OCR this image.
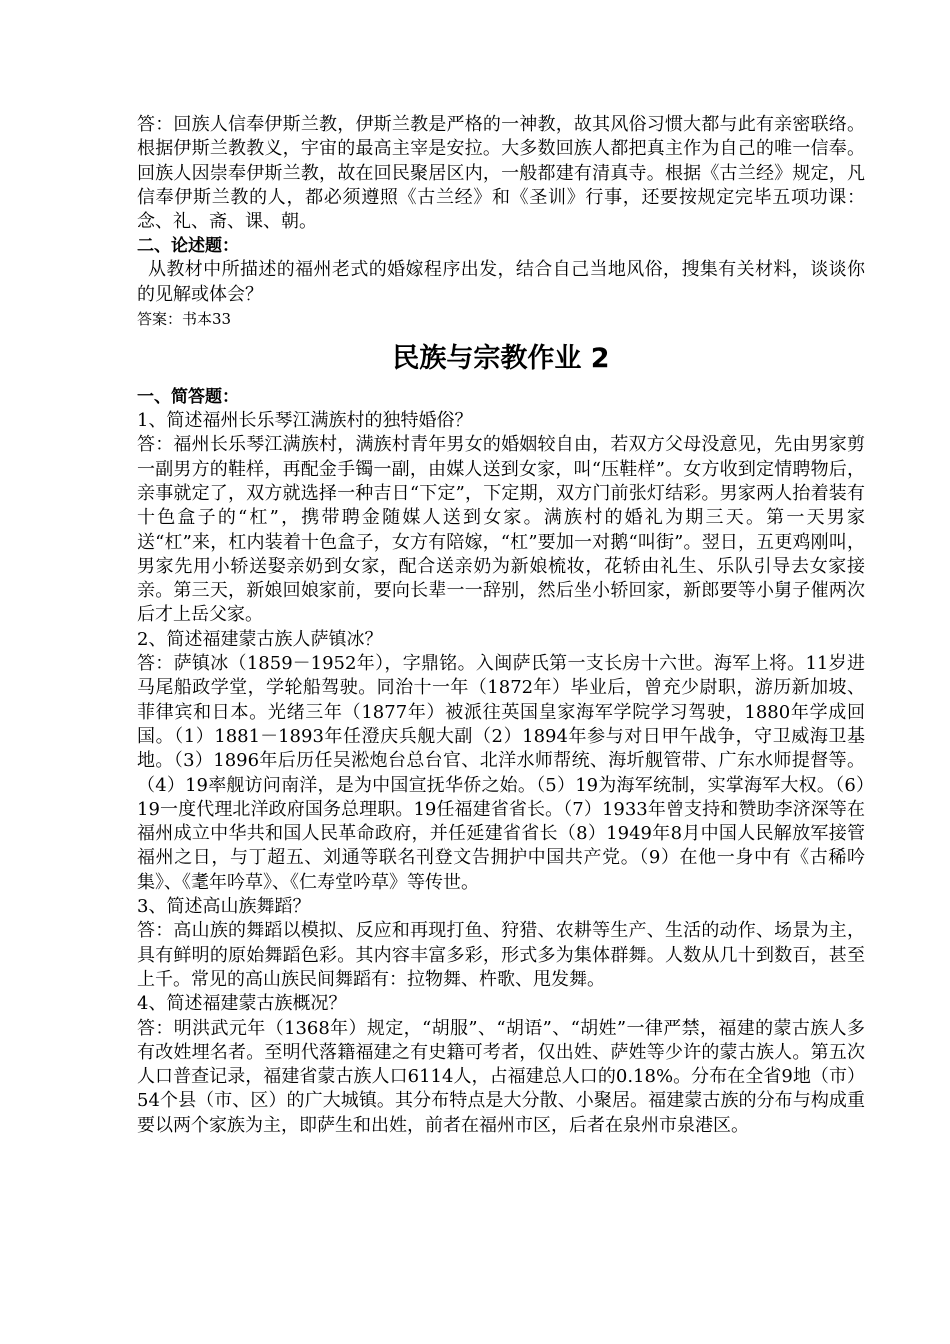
答：回族人信奉伊斯兰教，伊斯兰教是严格的一神教，故其风俗习惯大都与此有亲密联络。根据伊斯兰教教义，宇宙的最高主宰是安拉。大多数回族人都把真主作为自己的唯一信奉。回族人因崇奉伊斯兰教，故在回民聚居区内，一般都建有清真寺。根据《古兰经》规定，凡信奉伊斯兰教的人，都必须遵照《古兰经》和《圣训》行事，还要按规定完毕五项功课：念、礼、斋、课、朝。

二、论述题：

从教材中所描述的福州老式的婚嫁程序出发，结合自己当地风俗，搜集有关材料，谈谈你的见解或体会？

答案：书本33

民族与宗教作业 2

一、简答题：

1、简述福州长乐琴江满族村的独特婚俗？

答：福州长乐琴江满族村，满族村青年男女的婚姻较自由，若双方父母没意见，先由男家剪一副男方的鞋样，再配金手镯一副，由媒人送到女家，叫“压鞋样”。女方收到定情聘物后，亲事就定了，双方就选择一种吉日“下定”，下定期，双方门前张灯结彩。男家两人抬着装有十色盒子的“杠”，携带聘金随媒人送到女家。满族村的婚礼为期三天。第一天男家送“杠”来，杠内装着十色盒子，女方有陪嫁，“杠”要加一对鹅“叫街”。翌日，五更鸡刚叫，男家先用小轿送娶亲奶到女家，配合送亲奶为新娘梳妆，花轿由礼生、乐队引导去女家接亲。第三天，新娘回娘家前，要向长辈一一辞别，然后坐小轿回家，新郎要等小舅子催两次后才上岳父家。

2、简述福建蒙古族人萨镇冰？

答：萨镇冰（1859－1952年），字鼎铭。入闽萨氏第一支长房十六世。海军上将。11岁进马尾船政学堂，学轮船驾驶。同治十一年（1872年）毕业后，曾充少尉职，游历新加坡、菲律宾和日本。光绪三年（1877年）被派往英国皇家海军学院学习驾驶，1880年学成回国。（1）1881－1893年任澄庆兵舰大副（2）1894年参与对日甲午战争，守卫威海卫基地。（3）1896年后历任吴淞炮台总台官、北洋水师帮统、海圻舰管带、广东水师提督等。（4）19率舰访问南洋，是为中国宣抚华侨之始。（5）19为海军统制，实掌海军大权。（6）19一度代理北洋政府国务总理职。19任福建省省长。（7）1933年曾支持和赞助李济深等在福州成立中华共和国人民革命政府，并任延建省省长（8）1949年8月中国人民解放军接管福州之日，与丁超五、刘通等联名刊登文告拥护中国共产党。（9）在他一身中有《古稀吟集》、《耄年吟草》、《仁寿堂吟草》等传世。

3、简述高山族舞蹈？

答：高山族的舞蹈以模拟、反应和再现打鱼、狩猎、农耕等生产、生活的动作、场景为主，具有鲜明的原始舞蹈色彩。其内容丰富多彩，形式多为集体群舞。人数从几十到数百，甚至上千。常见的高山族民间舞蹈有：拉物舞、杵歌、甩发舞。

4、简述福建蒙古族概况？

答：明洪武元年（1368年）规定，“胡服”、“胡语”、“胡姓”一律严禁，福建的蒙古族人多有改姓埋名者。至明代落籍福建之有史籍可考者，仅出姓、萨姓等少许的蒙古族人。第五次人口普查记录，福建省蒙古族人口6114人，占福建总人口的0.18%。分布在全省9地（市）54个县（市、区）的广大城镇。其分布特点是大分散、小聚居。福建蒙古族的分布与构成重要以两个家族为主，即萨生和出姓，前者在福州市区，后者在泉州市泉港区。
